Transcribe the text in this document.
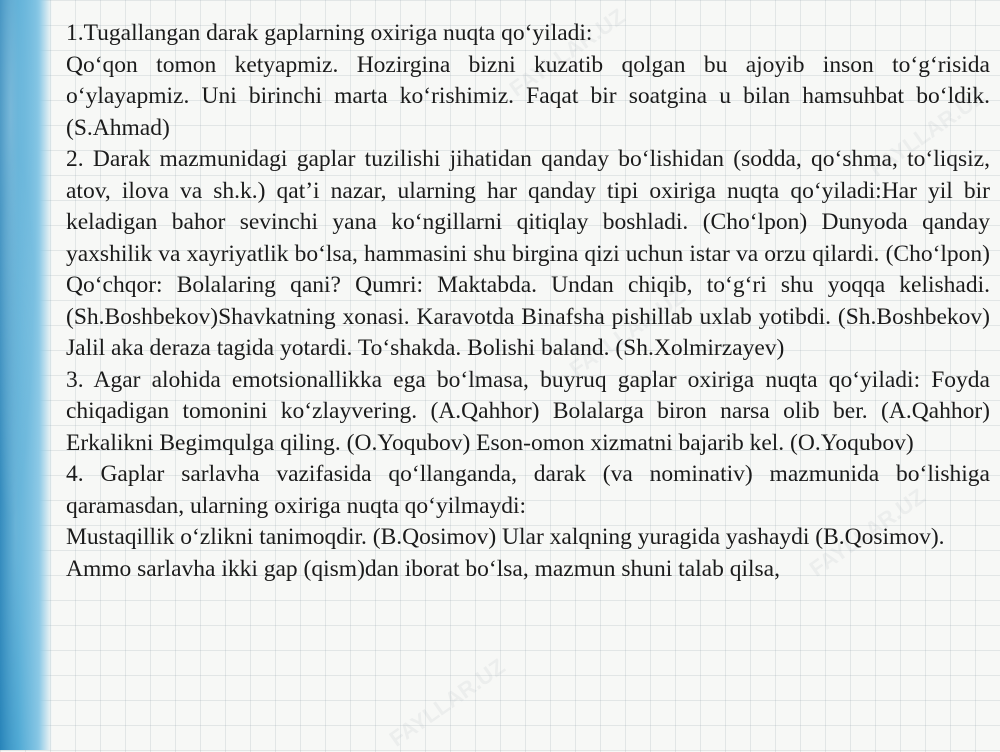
FAYLLAR.UZ
FAYLLAR.UZ
FAYLLAR.UZ
FAYLLAR.UZ
FAYLLAR.UZ

1.Tugallangan darak gaplarning oxiriga nuqta qo‘yiladi:

Qo‘qon tomon ketyapmiz. Hozirgina bizni kuzatib qolgan bu ajoyib inson to‘g‘risida o‘ylayapmiz. Uni birinchi marta ko‘rishimiz. Faqat bir soatgina u bilan hamsuhbat bo‘ldik. (S.Ahmad)

2. Darak mazmunidagi gaplar tuzilishi jihatidan qanday bo‘lishidan (sodda, qo‘shma, to‘liqsiz, atov, ilova va sh.k.) qat’i nazar, ularning har qanday tipi oxiriga nuqta qo‘yiladi:Har yil bir keladigan bahor sevinchi yana ko‘ngillarni qitiqlay boshladi. (Cho‘lpon) Dunyoda qanday yaxshilik va xayriyatlik bo‘lsa, hammasini shu birgina qizi uchun istar va orzu qilardi. (Cho‘lpon) Qo‘chqor: Bolalaring qani? Qumri: Maktabda. Undan chiqib, to‘g‘ri shu yoqqa kelishadi. (Sh.Boshbekov)Shavkatning xonasi. Karavotda Binafsha pishillab uxlab yotibdi. (Sh.Boshbekov) Jalil aka deraza tagida yotardi. To‘shakda. Bolishi baland. (Sh.Xolmirzayev)

3. Agar alohida emotsionallikka ega bo‘lmasa, buyruq gaplar oxiriga nuqta qo‘yiladi: Foyda chiqadigan tomonini ko‘zlayvering. (A.Qahhor) Bolalarga biron narsa olib ber. (A.Qahhor) Erkalikni Begimqulga qiling. (O.Yoqubov) Eson-omon xizmatni bajarib kel. (O.Yoqubov)

4. Gaplar sarlavha vazifasida qo‘llanganda, darak (va nominativ) mazmunida bo‘lishiga qaramasdan, ularning oxiriga nuqta qo‘yilmaydi:

Mustaqillik o‘zlikni tanimoqdir. (B.Qosimov) Ular xalqning yuragida yashaydi (B.Qosimov).

Ammo sarlavha ikki gap (qism)dan iborat bo‘lsa, mazmun shuni talab qilsa,
